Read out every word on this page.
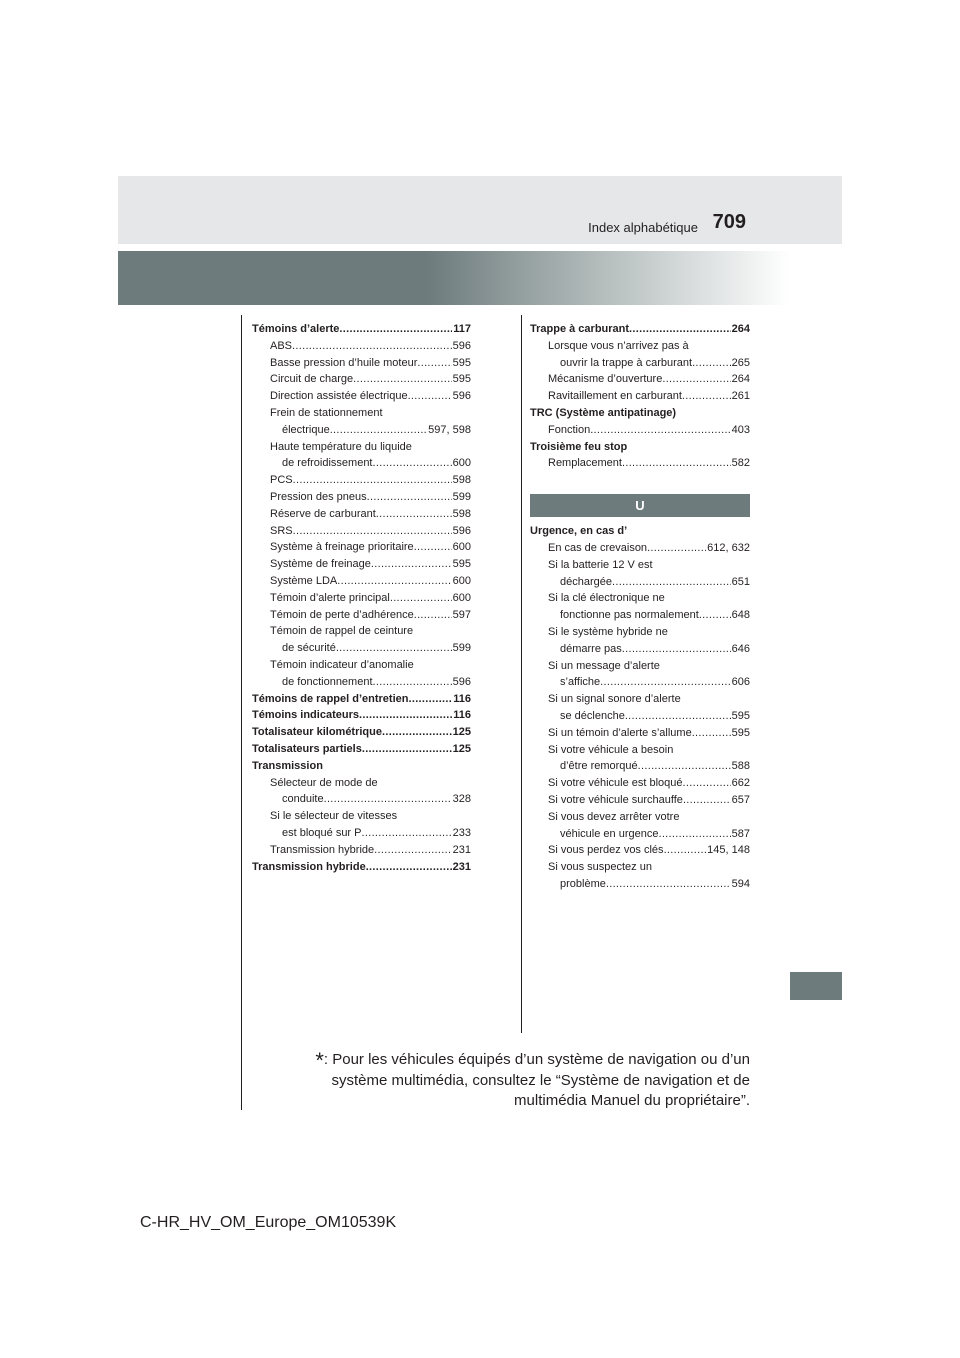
709
Index alphabétique
Témoins d’alerte .....	117
ABS .....	596
Basse pression d’huile moteur .....	595
Circuit de charge .....	595
Direction assistée électrique .....	596
Frein de stationnement
électrique .....	597, 598
Haute température du liquide
de refroidissement .....	600
PCS .....	598
Pression des pneus .....	599
Réserve de carburant .....	598
SRS .....	596
Système à freinage prioritaire .....	600
Système de freinage .....	595
Système LDA .....	600
Témoin d’alerte principal .....	600
Témoin de perte d’adhérence .....	597
Témoin de rappel de ceinture
de sécurité .....	599
Témoin indicateur d’anomalie
de fonctionnement .....	596
Témoins de rappel d’entretien .....	116
Témoins indicateurs .....	116
Totalisateur kilométrique .....	125
Totalisateurs partiels .....	125
Transmission
Sélecteur de mode de
conduite .....	328
Si le sélecteur de vitesses
est bloqué sur P .....	233
Transmission hybride .....	231
Transmission hybride .....	231
Trappe à carburant .....	264
Lorsque vous n’arrivez pas à
ouvrir la trappe à carburant .....	265
Mécanisme d’ouverture .....	264
Ravitaillement en carburant .....	261
TRC (Système antipatinage)
Fonction .....	403
Troisième feu stop
Remplacement .....	582
U
Urgence, en cas d’
En cas de crevaison .....	612, 632
Si la batterie 12 V est
déchargée .....	651
Si la clé électronique ne
fonctionne pas normalement .....	648
Si le système hybride ne
démarre pas .....	646
Si un message d’alerte
s’affiche .....	606
Si un signal sonore d’alerte
se déclenche .....	595
Si un témoin d’alerte s’allume .....	595
Si votre véhicule a besoin
d’être remorqué .....	588
Si votre véhicule est bloqué .....	662
Si votre véhicule surchauffe .....	657
Si vous devez arrêter votre
véhicule en urgence .....	587
Si vous perdez vos clés .....	145, 148
Si vous suspectez un
problème .....	594
*: Pour les véhicules équipés d’un système de navigation ou d’un système multimédia, consultez le “Système de navigation et de multimédia Manuel du propriétaire”.
C-HR_HV_OM_Europe_OM10539K
